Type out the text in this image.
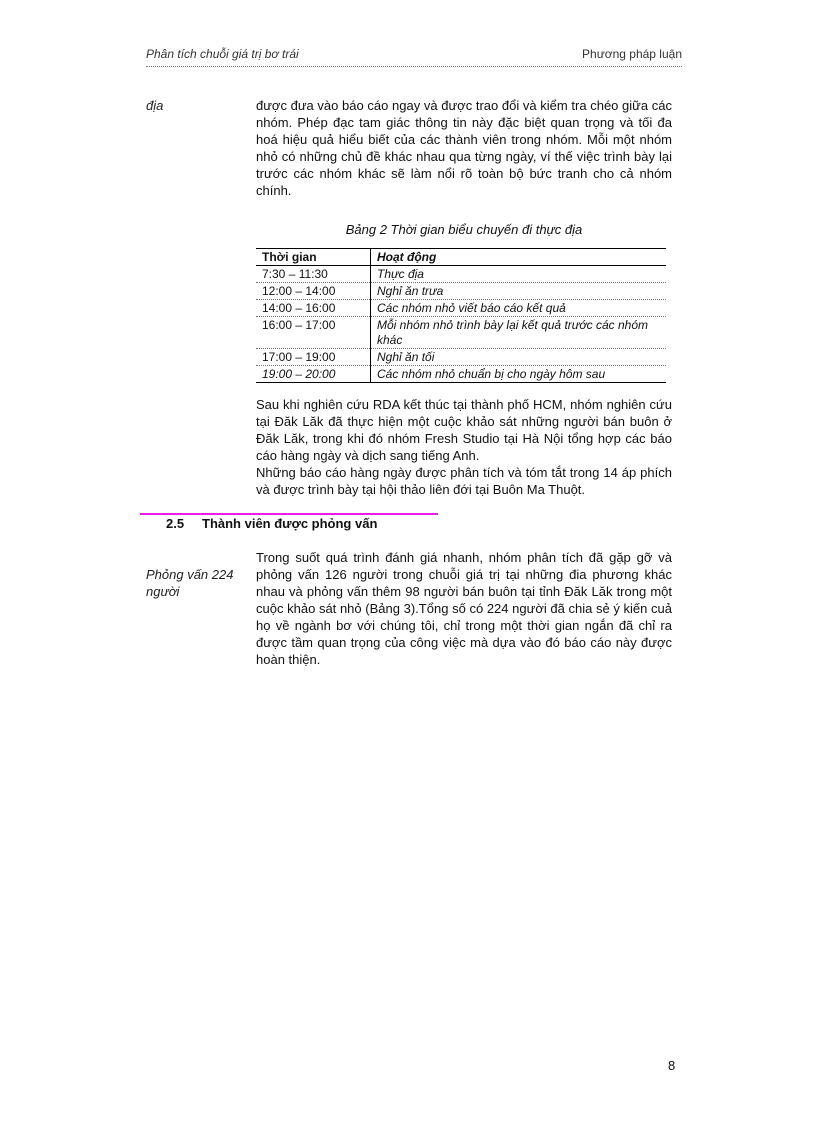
Phân tích chuỗi giá trị bơ trái	Phương pháp luận
địa	được đưa vào báo cáo ngay và được trao đổi và kiểm tra chéo giữa các nhóm. Phép đạc tam giác thông tin này đặc biệt quan trọng và tối đa hoá hiệu quả hiểu biết của các thành viên trong nhóm. Mỗi một nhóm nhỏ có những chủ đề khác nhau qua từng ngày, ví thế việc trình bày lại trước các nhóm khác sẽ làm nổi rõ toàn bộ bức tranh cho cả nhóm chính.

Bảng 2 Thời gian biểu chuyến đi thực địa
Thời gian	Hoạt động
7:30 – 11:30	Thực địa
12:00 – 14:00	Nghỉ ăn trưa
14:00 – 16:00	Các nhóm nhỏ viết báo cáo kết quả
16:00 – 17:00	Mỗi nhóm nhỏ trình bày lại kết quả trước các nhóm khác
17:00 – 19:00	Nghỉ ăn tối
19:00 – 20:00	Các nhóm nhỏ chuẩn bị cho ngày hôm sau

Sau khi nghiên cứu RDA kết thúc tại thành phố HCM, nhóm nghiên cứu tại Đăk Lăk đã thực hiện một cuộc khảo sát những người bán buôn ở Đăk Lăk, trong khi đó nhóm Fresh Studio tại Hà Nội tổng hợp các báo cáo hàng ngày và dịch sang tiếng Anh.

Những báo cáo hàng ngày được phân tích và tóm tắt trong 14 áp phích và được trình bày tại hội thảo liên đới tại Buôn Ma Thuột.

2.5 Thành viên được phỏng vấn
Phỏng vấn 224 người

Trong suốt quá trình đánh giá nhanh, nhóm phân tích đã gặp gỡ và phỏng vấn 126 người trong chuỗi giá trị tại những đia phương khác nhau và phỏng vấn thêm 98 người bán buôn tại tỉnh Đăk Lăk trong một cuộc khảo sát nhỏ (Bảng 3).Tổng số có 224 người đã chia sẻ ý kiến cuả họ về ngành bơ với chúng tôi, chỉ trong một thời gian ngắn đã chỉ ra được tầm quan trọng của công việc mà dựa vào đó báo cáo này được hoàn thiện.

8
